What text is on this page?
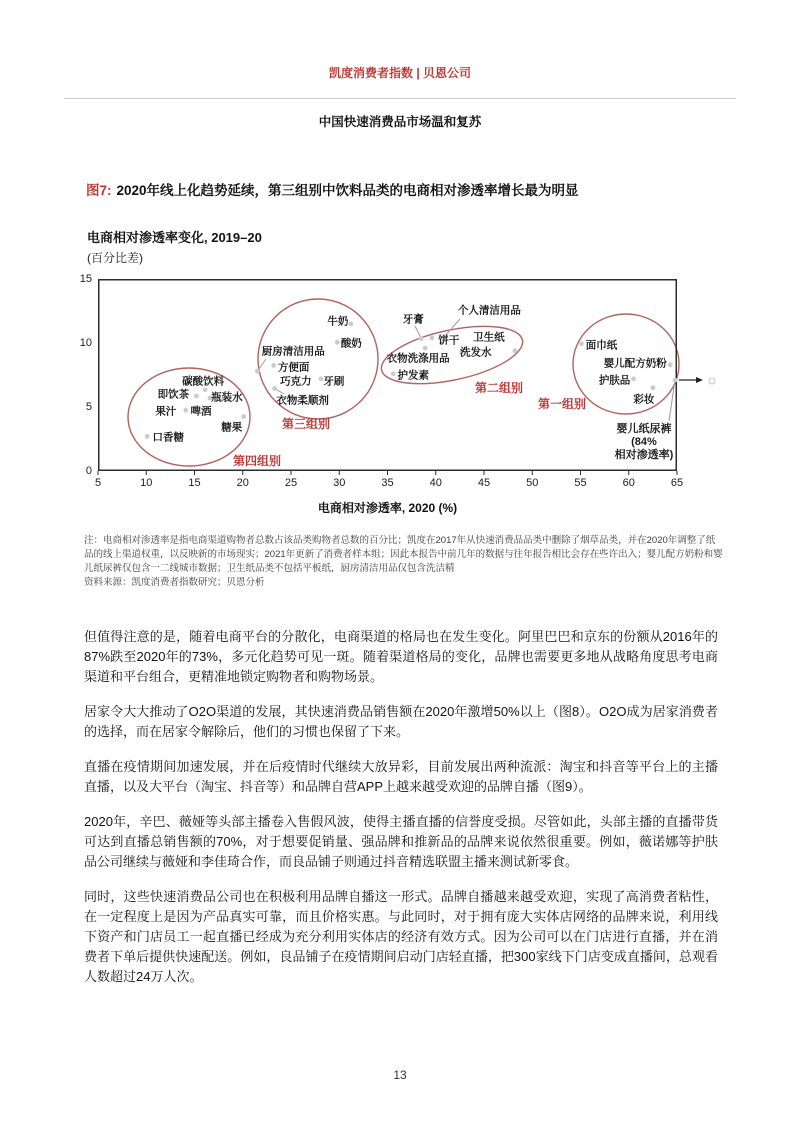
凯度消费者指数 | 贝恩公司
中国快速消费品市场温和复苏
图7: 2020年线上化趋势延续，第三组别中饮料品类的电商相对渗透率增长最为明显
电商相对渗透率变化, 2019–20
(百分比差)
5	10	15	20	25	30	35	40	45	50	55	60	65
0
5
10
15
碳酸饮料
即饮茶 瓶装水
果汁 啤酒
糖果
口香糖
牛奶
酸奶
厨房清洁用品
方便面
巧克力 牙刷
衣物柔顺剂
牙膏
饼干
个人清洁用品
卫生纸
洗发水
衣物洗涤用品
护发素
面巾纸
婴儿配方奶粉
护肤品
彩妆
第四组别
第三组别
第二组别
第一组别
婴儿纸尿裤
(84%
相对渗透率)
电商相对渗透率, 2020 (%)
注：电商相对渗透率是指电商渠道购物者总数占该品类购物者总数的百分比；凯度在2017年从快速消费品品类中删除了烟草品类，并在2020年调整了纸品的线上渠道权重，以反映新的市场现实；2021年更新了消费者样本组；因此本报告中前几年的数据与往年报告相比会存在些许出入；婴儿配方奶粉和婴儿纸尿裤仅包含一二线城市数据；卫生纸品类不包括平板纸，厨房清洁用品仅包含洗洁精
资料来源：凯度消费者指数研究；贝恩分析

但值得注意的是，随着电商平台的分散化，电商渠道的格局也在发生变化。阿里巴巴和京东的份额从2016年的87%跌至2020年的73%，多元化趋势可见一斑。随着渠道格局的变化，品牌也需要更多地从战略角度思考电商渠道和平台组合，更精准地锁定购物者和购物场景。

居家令大大推动了O2O渠道的发展，其快速消费品销售额在2020年激增50%以上（图8）。O2O成为居家消费者的选择，而在居家令解除后，他们的习惯也保留了下来。

直播在疫情期间加速发展，并在后疫情时代继续大放异彩，目前发展出两种流派：淘宝和抖音等平台上的主播直播，以及大平台（淘宝、抖音等）和品牌自营APP上越来越受欢迎的品牌自播（图9）。

2020年，辛巴、薇娅等头部主播卷入售假风波，使得主播直播的信誉度受损。尽管如此，头部主播的直播带货可达到直播总销售额的70%，对于想要促销量、强品牌和推新品的品牌来说依然很重要。例如，薇诺娜等护肤品公司继续与薇娅和李佳琦合作，而良品铺子则通过抖音精选联盟主播来测试新零食。

同时，这些快速消费品公司也在积极利用品牌自播这一形式。品牌自播越来越受欢迎，实现了高消费者粘性，在一定程度上是因为产品真实可靠，而且价格实惠。与此同时，对于拥有庞大实体店网络的品牌来说，利用线下资产和门店员工一起直播已经成为充分利用实体店的经济有效方式。因为公司可以在门店进行直播，并在消费者下单后提供快速配送。例如，良品铺子在疫情期间启动门店轻直播，把300家线下门店变成直播间，总观看人数超过24万人次。

13
